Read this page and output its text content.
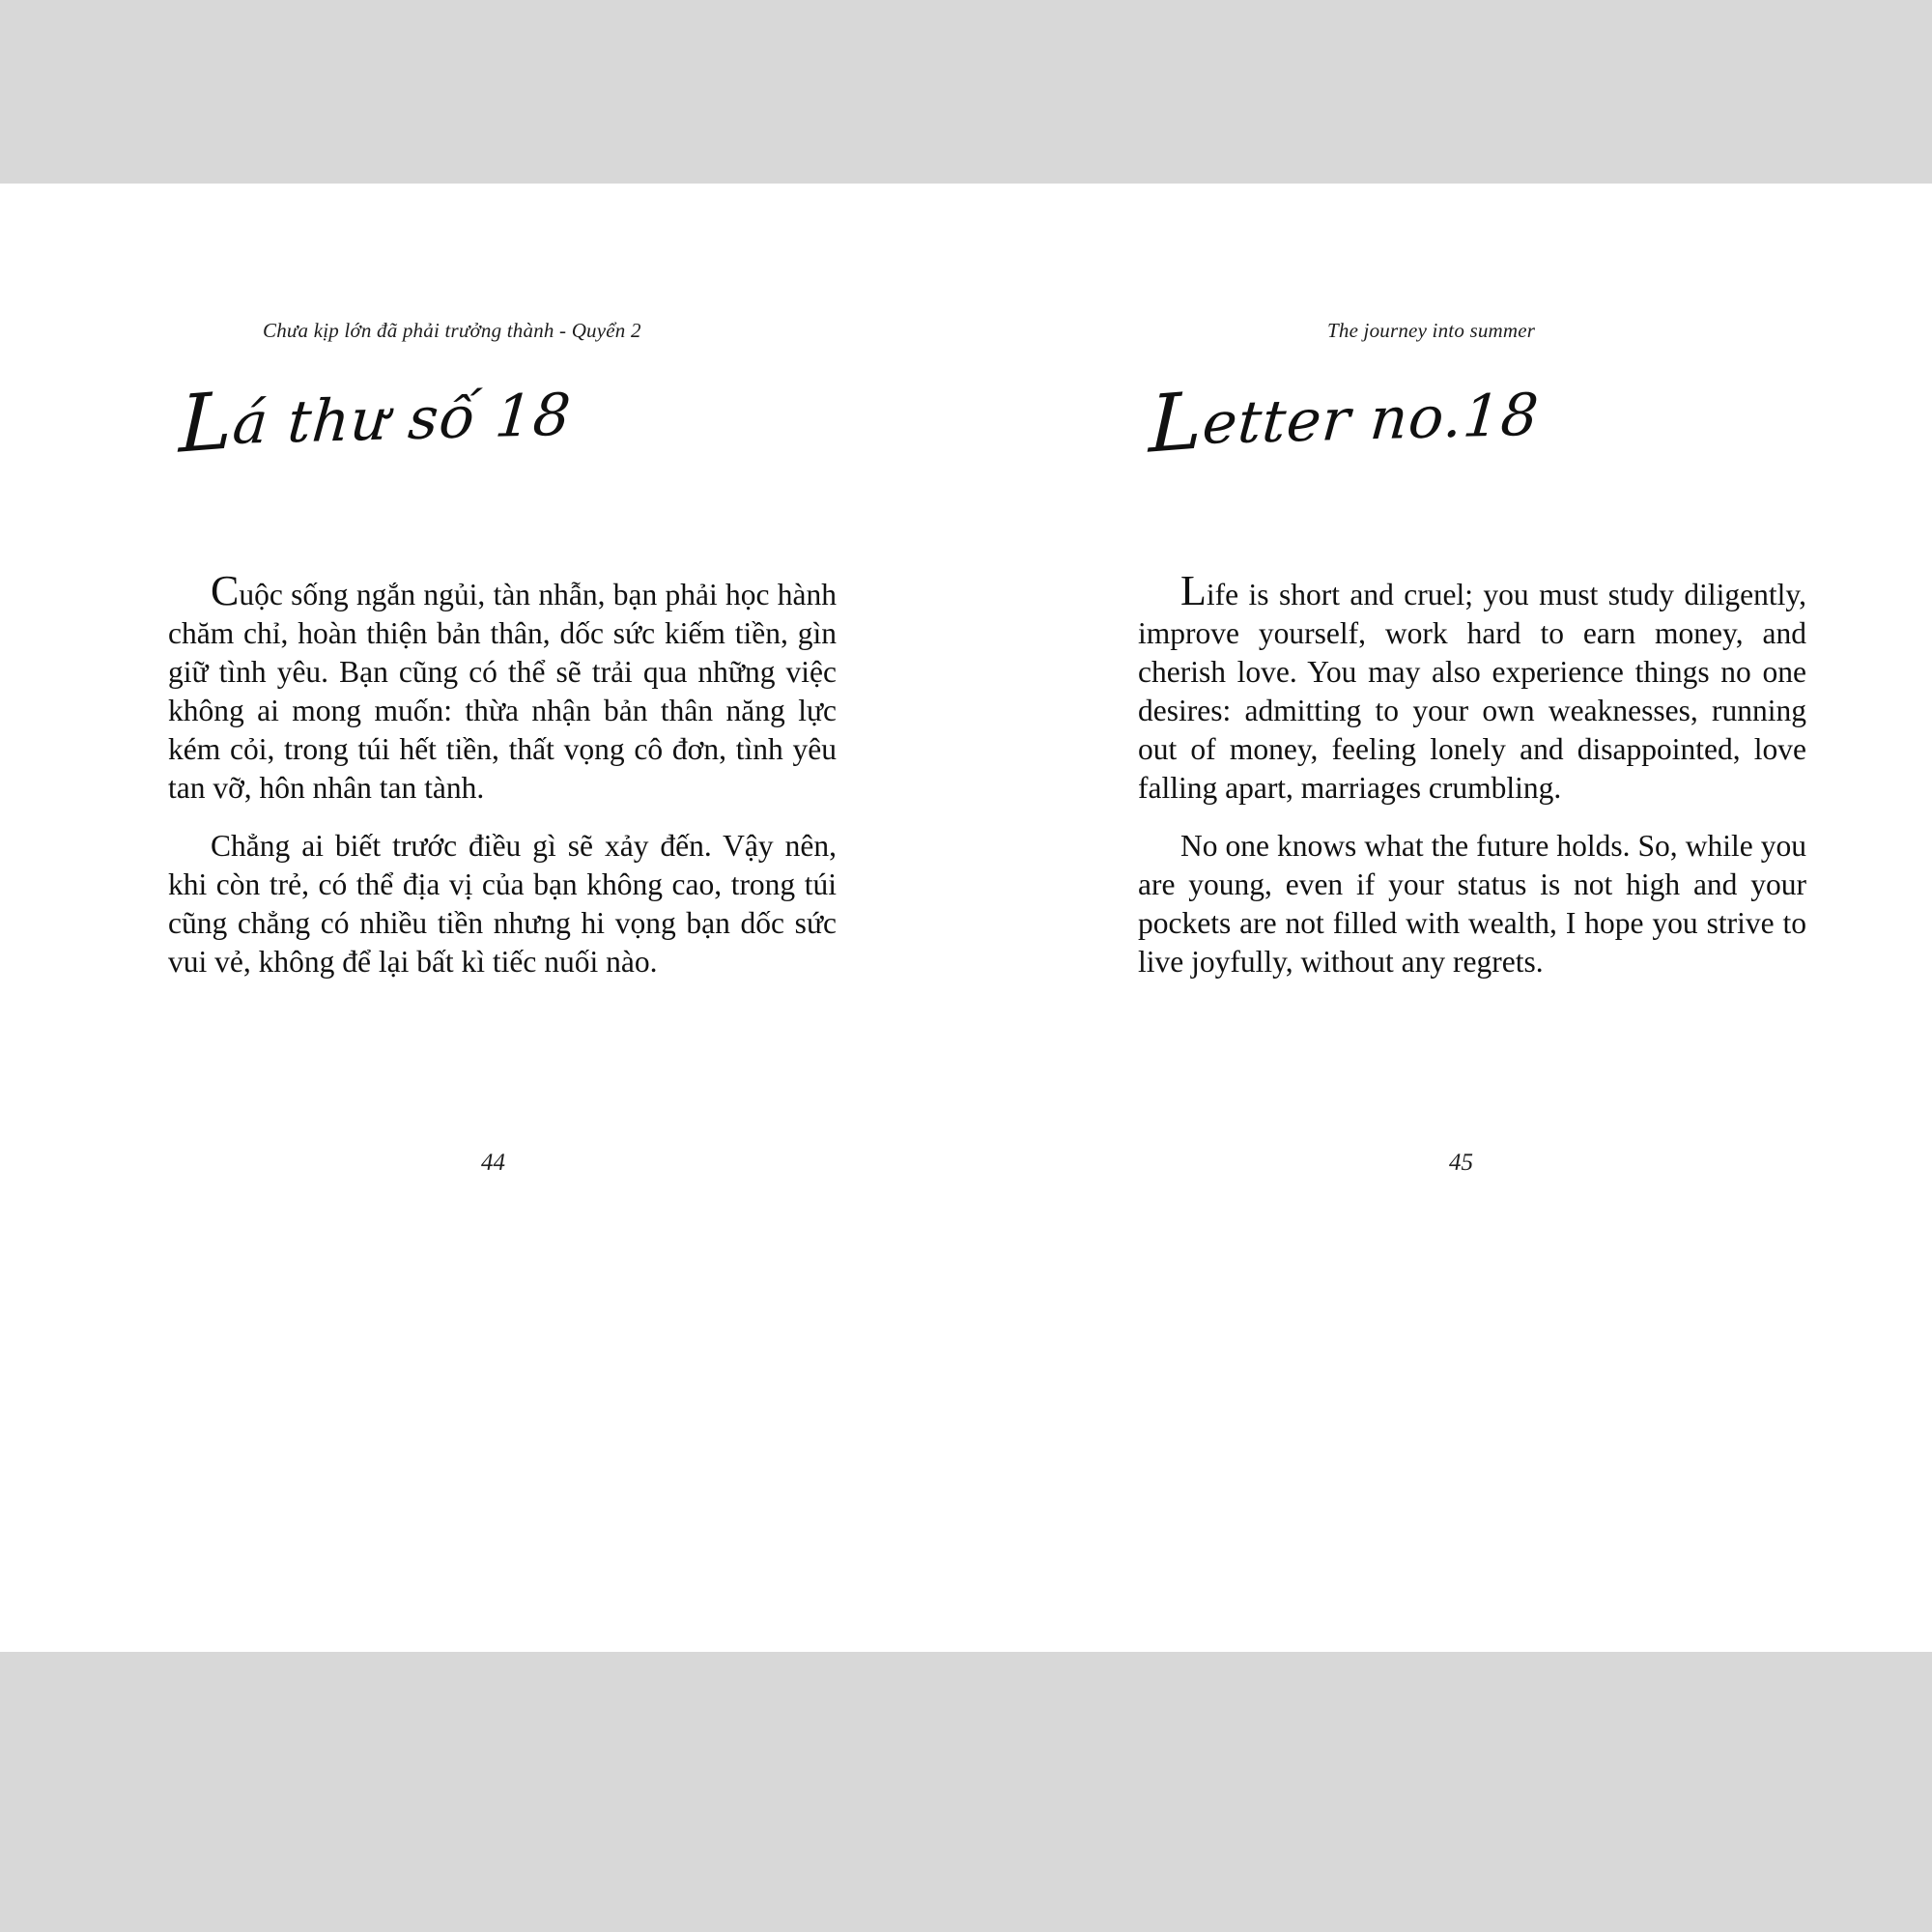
Chưa kịp lớn đã phải trưởng thành - Quyển 2
Lá thư số 18

Cuộc sống ngắn ngủi, tàn nhẫn, bạn phải học hành chăm chỉ, hoàn thiện bản thân, dốc sức kiếm tiền, gìn giữ tình yêu. Bạn cũng có thể sẽ trải qua những việc không ai mong muốn: thừa nhận bản thân năng lực kém cỏi, trong túi hết tiền, thất vọng cô đơn, tình yêu tan vỡ, hôn nhân tan tành.

Chẳng ai biết trước điều gì sẽ xảy đến. Vậy nên, khi còn trẻ, có thể địa vị của bạn không cao, trong túi cũng chẳng có nhiều tiền nhưng hi vọng bạn dốc sức vui vẻ, không để lại bất kì tiếc nuối nào.

44
The journey into summer
Letter no.18

Life is short and cruel; you must study diligently, improve yourself, work hard to earn money, and cherish love. You may also experience things no one desires: admitting to your own weaknesses, running out of money, feeling lonely and disappointed, love falling apart, marriages crumbling.

No one knows what the future holds. So, while you are young, even if your status is not high and your pockets are not filled with wealth, I hope you strive to live joyfully, without any regrets.

45
